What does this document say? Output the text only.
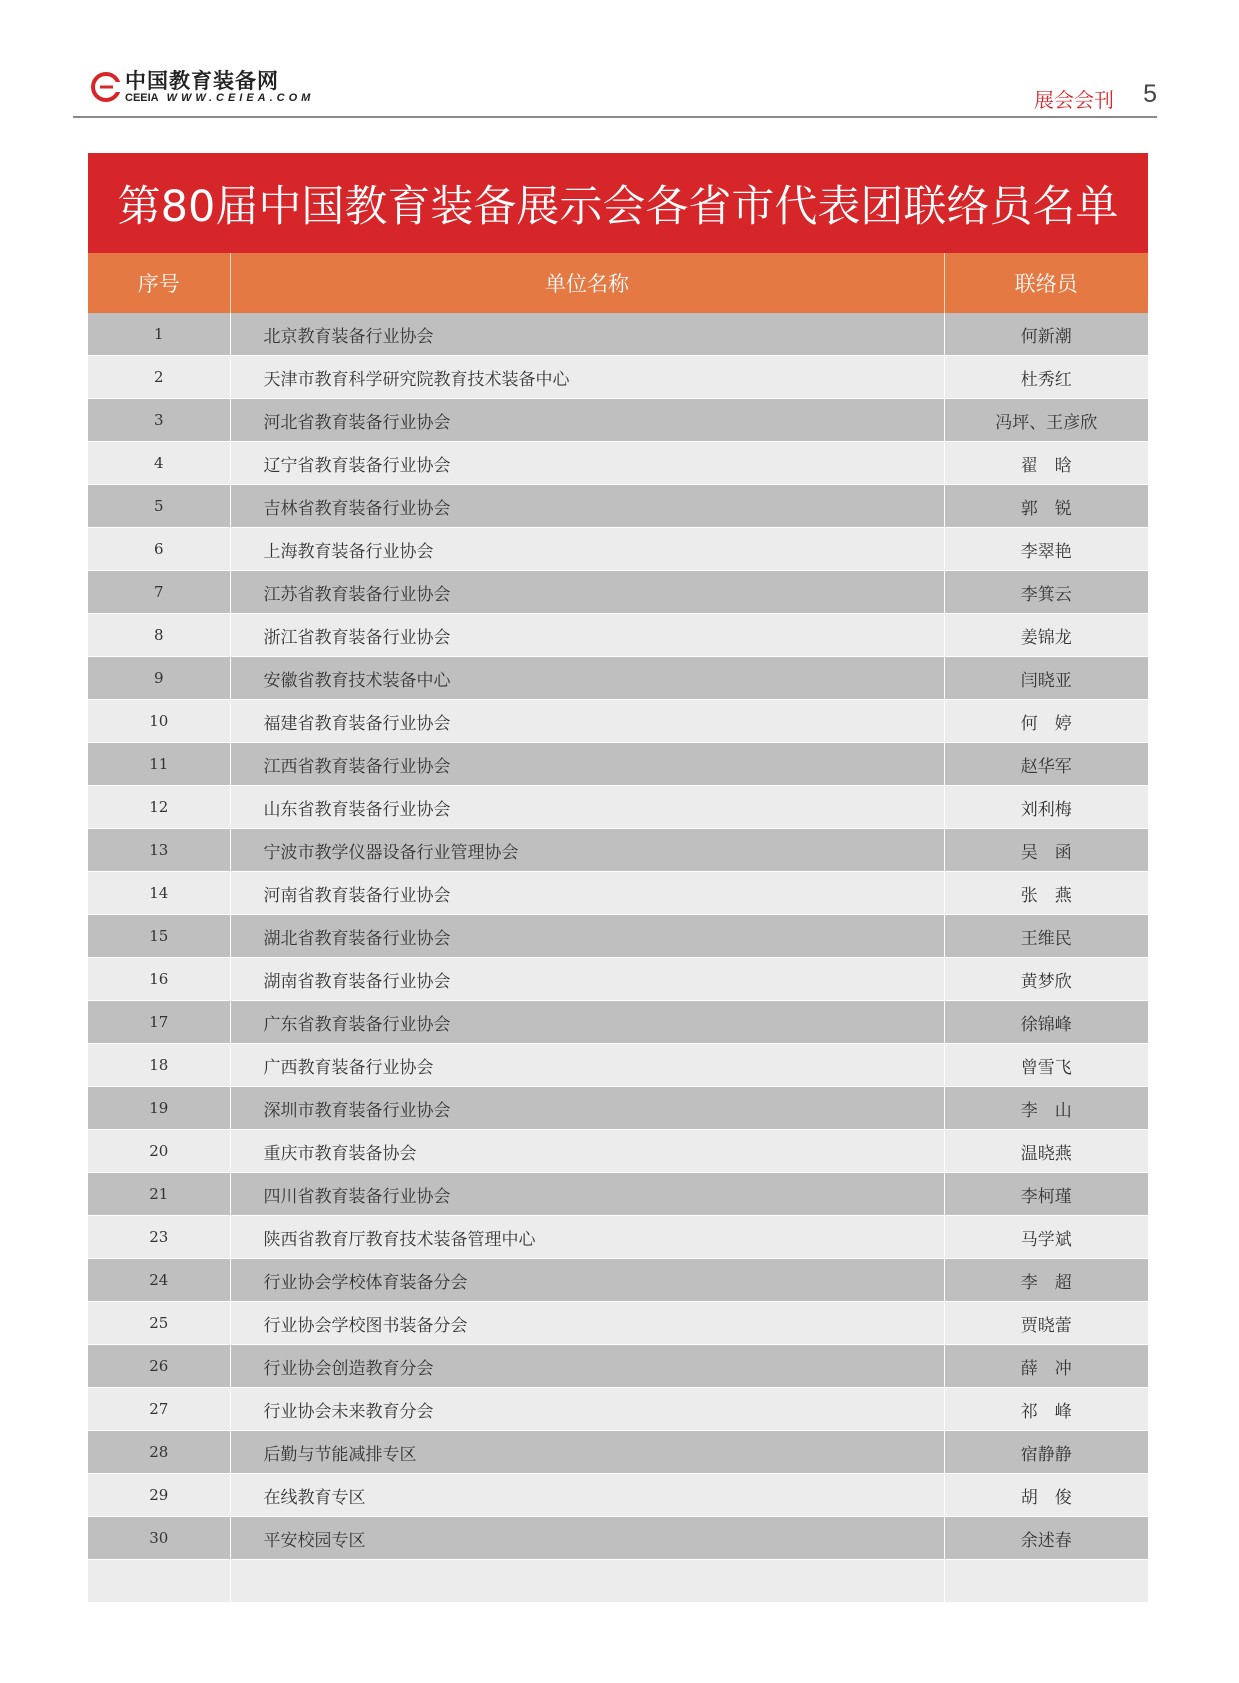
中国教育装备网
CEEIA WWW.CEIEA.COM	展会会刊 5
第80届中国教育装备展示会各省市代表团联络员名单
序号	单位名称	联络员
1	北京教育装备行业协会	何新潮
2	天津市教育科学研究院教育技术装备中心	杜秀红
3	河北省教育装备行业协会	冯坪、王彦欣
4	辽宁省教育装备行业协会	翟　晗
5	吉林省教育装备行业协会	郭　锐
6	上海教育装备行业协会	李翠艳
7	江苏省教育装备行业协会	李箕云
8	浙江省教育装备行业协会	姜锦龙
9	安徽省教育技术装备中心	闫晓亚
10	福建省教育装备行业协会	何　婷
11	江西省教育装备行业协会	赵华军
12	山东省教育装备行业协会	刘利梅
13	宁波市教学仪器设备行业管理协会	吴　函
14	河南省教育装备行业协会	张　燕
15	湖北省教育装备行业协会	王维民
16	湖南省教育装备行业协会	黄梦欣
17	广东省教育装备行业协会	徐锦峰
18	广西教育装备行业协会	曾雪飞
19	深圳市教育装备行业协会	李　山
20	重庆市教育装备协会	温晓燕
21	四川省教育装备行业协会	李柯瑾
23	陕西省教育厅教育技术装备管理中心	马学斌
24	行业协会学校体育装备分会	李　超
25	行业协会学校图书装备分会	贾晓蕾
26	行业协会创造教育分会	薛　冲
27	行业协会未来教育分会	祁　峰
28	后勤与节能减排专区	宿静静
29	在线教育专区	胡　俊
30	平安校园专区	余述春
